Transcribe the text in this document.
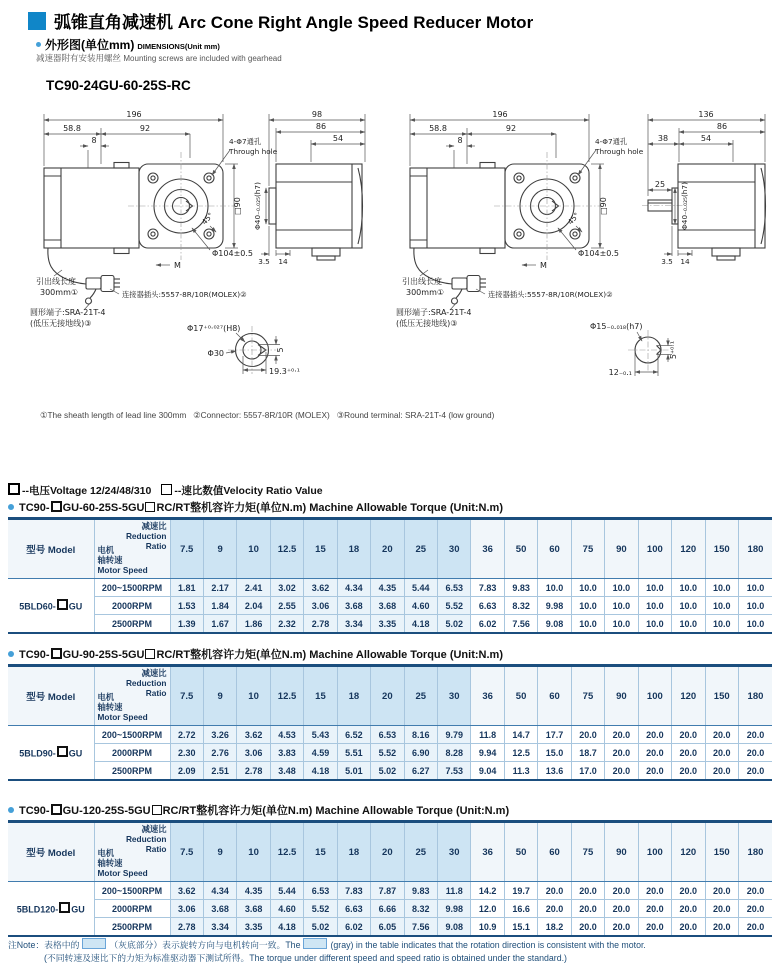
弧锥直角减速机 Arc Cone Right Angle Speed Reducer Motor
外形图(单位mm) DIMENSIONS(Unit mm)
减速器附有安装用螺丝 Mounting screws are included with gearhead
TC90-24GU-60-25S-RC
196
58.8	92
8	4-Φ7通孔
Through hole
□90
Φ104±0.5
45°
98
86
54
Φ40₋₀.₀₂₅(h7)
3.5 14
M
引出线长度
300mm①	连接器插头:5557-8R/10R(MOLEX)②
圆形端子:SRA-21T-4
(低压无接地线)③
Φ17⁺⁰·⁰²⁷(H8)
Φ30
19.3⁺⁰·¹
5
196
58.8	92
8	4-Φ7通孔
Through hole
□90
Φ104±0.5
45°
136
86
38	54
25 Φ40₋₀.₀₂₅(h7)
3.5 14
M
引出线长度
300mm①	连接器插头:5557-8R/10R(MOLEX)②
圆形端子:SRA-21T-4
(低压无接地线)③	Φ15₋₀.₀₁₈(h7)
12₋₀.₁
5⁺⁰·¹
①The sheath length of lead line 300mm   ②Connector: 5557-8R/10R (MOLEX)   ③Round terminal: SRA-21T-4 (low ground)
--电压Voltage 12/24/48/310 --速比数值Velocity Ratio Value
TC90- GU-60-25S-5GU RC/RT整机容许力矩(单位N.m) Machine Allowable Torque (Unit:N.m)
型号 Model	
减速比
Reduction
Ratio
电机
轴转速
Motor Speed
	7.5	9	10	12.5	15	18	20	25	30	36	50	60	75	90	100	120	150	180
5BLD60- GU	200~1500RPM	1.81	2.17	2.41	3.02	3.62	4.34	4.35	5.44	6.53	7.83	9.83	10.0	10.0	10.0	10.0	10.0	10.0	10.0
	2000RPM	1.53	1.84	2.04	2.55	3.06	3.68	3.68	4.60	5.52	6.63	8.32	9.98	10.0	10.0	10.0	10.0	10.0	10.0
	2500RPM	1.39	1.67	1.86	2.32	2.78	3.34	3.35	4.18	5.02	6.02	7.56	9.08	10.0	10.0	10.0	10.0	10.0	10.0
TC90- GU-90-25S-5GU RC/RT整机容许力矩(单位N.m) Machine Allowable Torque (Unit:N.m)
型号 Model	
减速比
Reduction
Ratio
电机
轴转速
Motor Speed
	7.5	9	10	12.5	15	18	20	25	30	36	50	60	75	90	100	120	150	180
5BLD90- GU	200~1500RPM	2.72	3.26	3.62	4.53	5.43	6.52	6.53	8.16	9.79	11.8	14.7	17.7	20.0	20.0	20.0	20.0	20.0	20.0
	2000RPM	2.30	2.76	3.06	3.83	4.59	5.51	5.52	6.90	8.28	9.94	12.5	15.0	18.7	20.0	20.0	20.0	20.0	20.0
	2500RPM	2.09	2.51	2.78	3.48	4.18	5.01	5.02	6.27	7.53	9.04	11.3	13.6	17.0	20.0	20.0	20.0	20.0	20.0
TC90- GU-120-25S-5GU RC/RT整机容许力矩(单位N.m) Machine Allowable Torque (Unit:N.m)
型号 Model	
减速比
Reduction
Ratio
电机
轴转速
Motor Speed
	7.5	9	10	12.5	15	18	20	25	30	36	50	60	75	90	100	120	150	180
5BLD120- GU	200~1500RPM	3.62	4.34	4.35	5.44	6.53	7.83	7.87	9.83	11.8	14.2	19.7	20.0	20.0	20.0	20.0	20.0	20.0	20.0
	2000RPM	3.06	3.68	3.68	4.60	5.52	6.63	6.66	8.32	9.98	12.0	16.6	20.0	20.0	20.0	20.0	20.0	20.0	20.0
	2500RPM	2.78	3.34	3.35	4.18	5.02	6.02	6.05	7.56	9.08	10.9	15.1	18.2	20.0	20.0	20.0	20.0	20.0	20.0
注Note：表格中的	（灰底部分）表示旋转方向与电机转向一致。The	(gray) in the table indicates that the rotation direction is consistent with the motor.
(不同转速及速比下的力矩为标准驱动器下测试所得。The torque under different speed and speed ratio is obtained under the standard.)
